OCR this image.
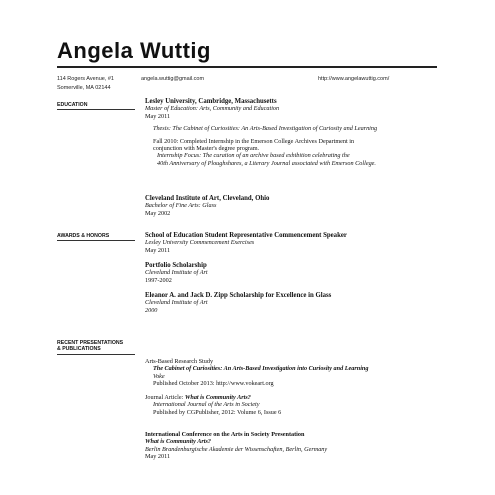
Angela Wuttig
114 Rogers Avenue, #1
Somerville, MA 02144
angela.wuttig@gmail.com	http://www.angelawuttig.com/
EDUCATION	Lesley University, Cambridge, Massachusetts
Master of Education: Arts, Community and Education
May 2011
Thesis: The Cabinet of Curiosities: An Arts-Based Investigation of Curiosity and Learning
Fall 2010: Completed Internship in the Emerson College Archives Department in
conjunction with Master's degree program.
Internship Focus: The curation of an archive based exhibition celebrating the
40th Anniversary of Ploughshares, a Literary Journal associated with Emerson College.
Cleveland Institute of Art, Cleveland, Ohio
Bachelor of Fine Arts: Glass
May 2002
AWARDS & HONORS	School of Education Student Representative Commencement Speaker
Lesley University Commencement Exercises
May 2011
Portfolio Scholarship
Cleveland Institute of Art
1997-2002
Eleanor A. and Jack D. Zipp Scholarship for Excellence in Glass
Cleveland Institute of Art
2000
RECENT PRESENTATIONS
& PUBLICATIONS
Arts-Based Research Study
The Cabinet of Curiosities: An Arts-Based Investigation into Curiosity and Learning
Voke
Published October 2013: http://www.vokeart.org
Journal Article: What is Community Arts?
International Journal of the Arts in Society
Published by CGPublisher, 2012: Volume 6, Issue 6
International Conference on the Arts in Society Presentation
What is Community Arts?
Berlin Brandenburgische Akademie der Wissenschaften, Berlin, Germany
May 2011
